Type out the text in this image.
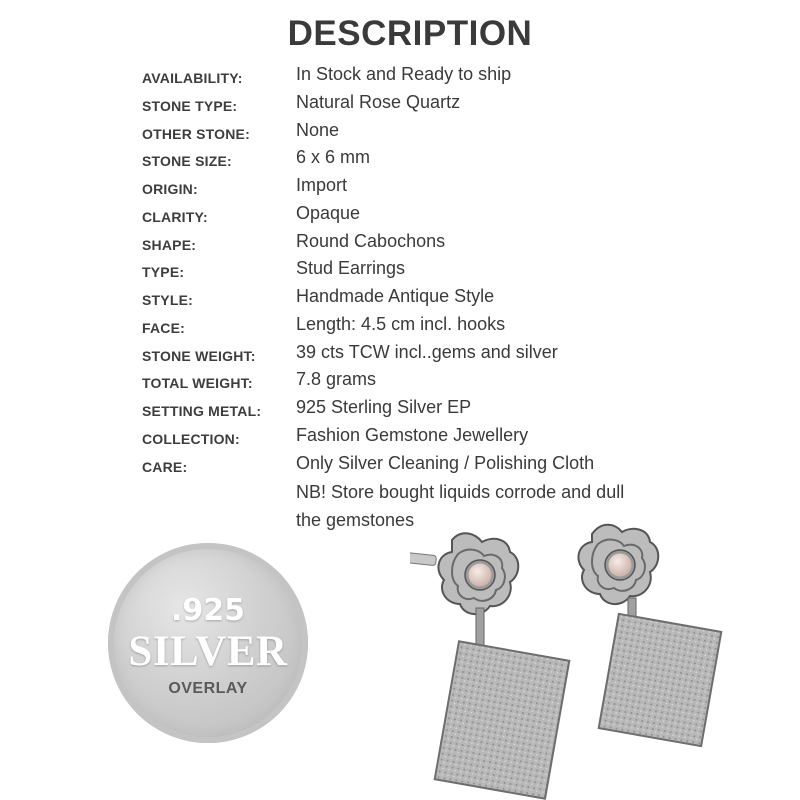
DESCRIPTION
AVAILABILITY:	In Stock and Ready to ship
STONE TYPE:	Natural Rose Quartz
OTHER STONE:	None
STONE SIZE:	6 x 6 mm
ORIGIN:	Import
CLARITY:	Opaque
SHAPE:	Round Cabochons
TYPE:	Stud Earrings
STYLE:	Handmade Antique Style
FACE:	Length: 4.5 cm incl. hooks
STONE WEIGHT: 39 cts TCW incl..gems and silver
TOTAL WEIGHT: 7.8 grams
SETTING METAL: 925 Sterling Silver EP
COLLECTION:	Fashion Gemstone Jewellery
CARE:	Only Silver Cleaning / Polishing Cloth
NB! Store bought liquids corrode and dull
the gemstones
.925
SILVER
OVERLAY
